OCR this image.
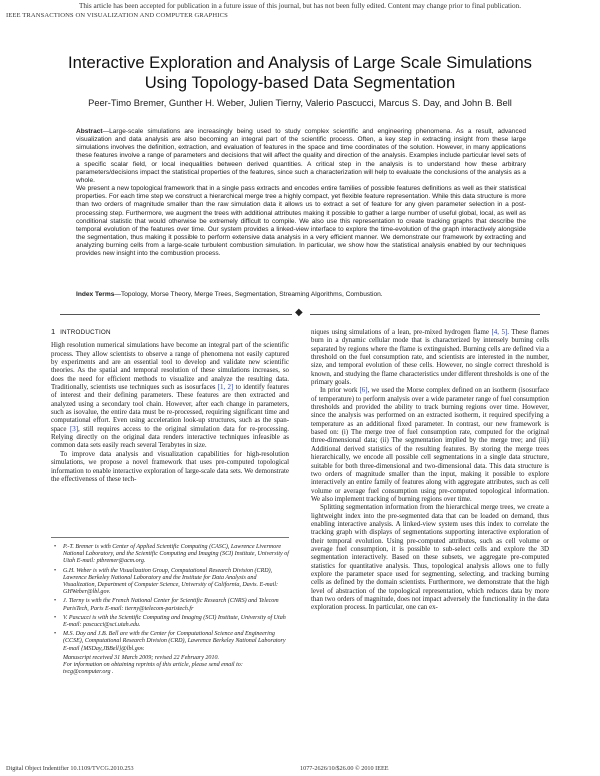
This article has been accepted for publication in a future issue of this journal, but has not been fully edited. Content may change prior to final publication.
IEEE TRANSACTIONS ON VISUALIZATION AND COMPUTER GRAPHICS
Interactive Exploration and Analysis of Large Scale Simulations
Using Topology-based Data Segmentation
Peer-Timo Bremer, Gunther H. Weber, Julien Tierny, Valerio Pascucci, Marcus S. Day, and John B. Bell

Abstract—Large-scale simulations are increasingly being used to study complex scientific and engineering phenomena. As a result, advanced visualization and data analysis are also becoming an integral part of the scientific process. Often, a key step in extracting insight from these large simulations involves the definition, extraction, and evaluation of features in the space and time coordinates of the solution. However, in many applications these features involve a range of parameters and decisions that will affect the quality and direction of the analysis. Examples include particular level sets of a specific scalar field, or local inequalities between derived quantities. A critical step in the analysis is to understand how these arbitrary parameters/decisions impact the statistical properties of the features, since such a characterization will help to evaluate the conclusions of the analysis as a whole.

We present a new topological framework that in a single pass extracts and encodes entire families of possible features definitions as well as their statistical properties. For each time step we construct a hierarchical merge tree a highly compact, yet flexible feature representation. While this data structure is more than two orders of magnitude smaller than the raw simulation data it allows us to extract a set of feature for any given parameter selection in a post-processing step. Furthermore, we augment the trees with additional attributes making it possible to gather a large number of useful global, local, as well as conditional statistic that would otherwise be extremely difficult to compile. We also use this representation to create tracking graphs that describe the temporal evolution of the features over time. Our system provides a linked-view interface to explore the time-evolution of the graph interactively alongside the segmentation, thus making it possible to perform extensive data analysis in a very efficient manner. We demonstrate our framework by extracting and analyzing burning cells from a large-scale turbulent combustion simulation. In particular, we show how the statistical analysis enabled by our techniques provides new insight into the combustion process.

Index Terms—Topology, Morse Theory, Merge Trees, Segmentation, Streaming Algorithms, Combustion.
◆
1 INTRODUCTION

High resolution numerical simulations have become an integral part of the scientific process. They allow scientists to observe a range of phenomena not easily captured by experiments and are an essential tool to develop and validate new scientific theories. As the spatial and temporal resolution of these simulations increases, so does the need for efficient methods to visualize and analyze the resulting data. Traditionally, scientists use techniques such as isosurfaces [1, 2] to identify features of interest and their defining parameters. These features are then extracted and analyzed using a secondary tool chain. However, after each change in parameters, such as isovalue, the entire data must be re-processed, requiring significant time and computational effort. Even using acceleration look-up structures, such as the span-space [3], still requires access to the original simulation data for re-processing. Relying directly on the original data renders interactive techniques infeasible as common data sets easily reach several Terabytes in size.

To improve data analysis and visualization capabilities for high-resolution simulations, we propose a novel framework that uses pre-computed topological information to enable interactive exploration of large-scale data sets. We demonstrate the effectiveness of these tech-

• P.-T. Bremer is with Center of Applied Scientific Computing (CASC), Lawrence Livermore National Laboratory, and the Scientific Computing and Imaging (SCI) Institute, University of Utah E-mail: ptbremer@acm.org.
• G.H. Weber is with the Visualization Group, Computational Research Division (CRD), Lawrence Berkeley National Laboratory and the Institute for Data Analysis and Visualization, Department of Computer Science, University of California, Davis. E-mail: GHWeber@lbl.gov.
• J. Tierny is with the French National Center for Scientific Research (CNRS) and Telecom ParisTech, Paris E-mail: tierny@telecom-paristech.fr
• V. Pascucci is with the Scientific Computing and Imaging (SCI) Institute, University of Utah E-mail: pascucci@sci.utah.edu.
• M.S. Day and J.B. Bell are with the Center for Computational Science and Engineering (CCSE), Computational Research Division (CRD), Lawrence Berkeley National Laboratory E-mail {MSDay,JBBell}@lbl.gov.
Manuscript received 31 March 2009; revised 22 February 2010.
For information on obtaining reprints of this article, please send email to: tvcg@computer.org .

niques using simulations of a lean, pre-mixed hydrogen flame [4, 5]. These flames burn in a dynamic cellular mode that is characterized by intensely burning cells separated by regions where the flame is extinguished. Burning cells are defined via a threshold on the fuel consumption rate, and scientists are interested in the number, size, and temporal evolution of these cells. However, no single correct threshold is known, and studying the flame characteristics under different thresholds is one of the primary goals.

In prior work [6], we used the Morse complex defined on an isotherm (isosurface of temperature) to perform analysis over a wide parameter range of fuel consumption thresholds and provided the ability to track burning regions over time. However, since the analysis was performed on an extracted isotherm, it required specifying a temperature as an additional fixed parameter. In contrast, our new framework is based on: (i) The merge tree of fuel consumption rate, computed for the original three-dimensional data; (ii) The segmentation implied by the merge tree; and (iii) Additional derived statistics of the resulting features. By storing the merge trees hierarchically, we encode all possible cell segmentations in a single data structure, suitable for both three-dimensional and two-dimensional data. This data structure is two orders of magnitude smaller than the input, making it possible to explore interactively an entire family of features along with aggregate attributes, such as cell volume or average fuel consumption using pre-computed topological information. We also implement tracking of burning regions over time.

Splitting segmentation information from the hierarchical merge trees, we create a lightweight index into the pre-segmented data that can be loaded on demand, thus enabling interactive analysis. A linked-view system uses this index to correlate the tracking graph with displays of segmentations supporting interactive exploration of their temporal evolution. Using pre-computed attributes, such as cell volume or average fuel consumption, it is possible to sub-select cells and explore the 3D segmentation interactively. Based on these subsets, we aggregate pre-computed statistics for quantitative analysis. Thus, topological analysis allows one to fully explore the parameter space used for segmenting, selecting, and tracking burning cells as defined by the domain scientists. Furthermore, we demonstrate that the high level of abstraction of the topological representation, which reduces data by more than two orders of magnitude, does not impact adversely the functionality in the data exploration process. In particular, one can ex-

Digital Object Indentifier 10.1109/TVCG.2010.253	1077-2626/10/$26.00 © 2010 IEEE
